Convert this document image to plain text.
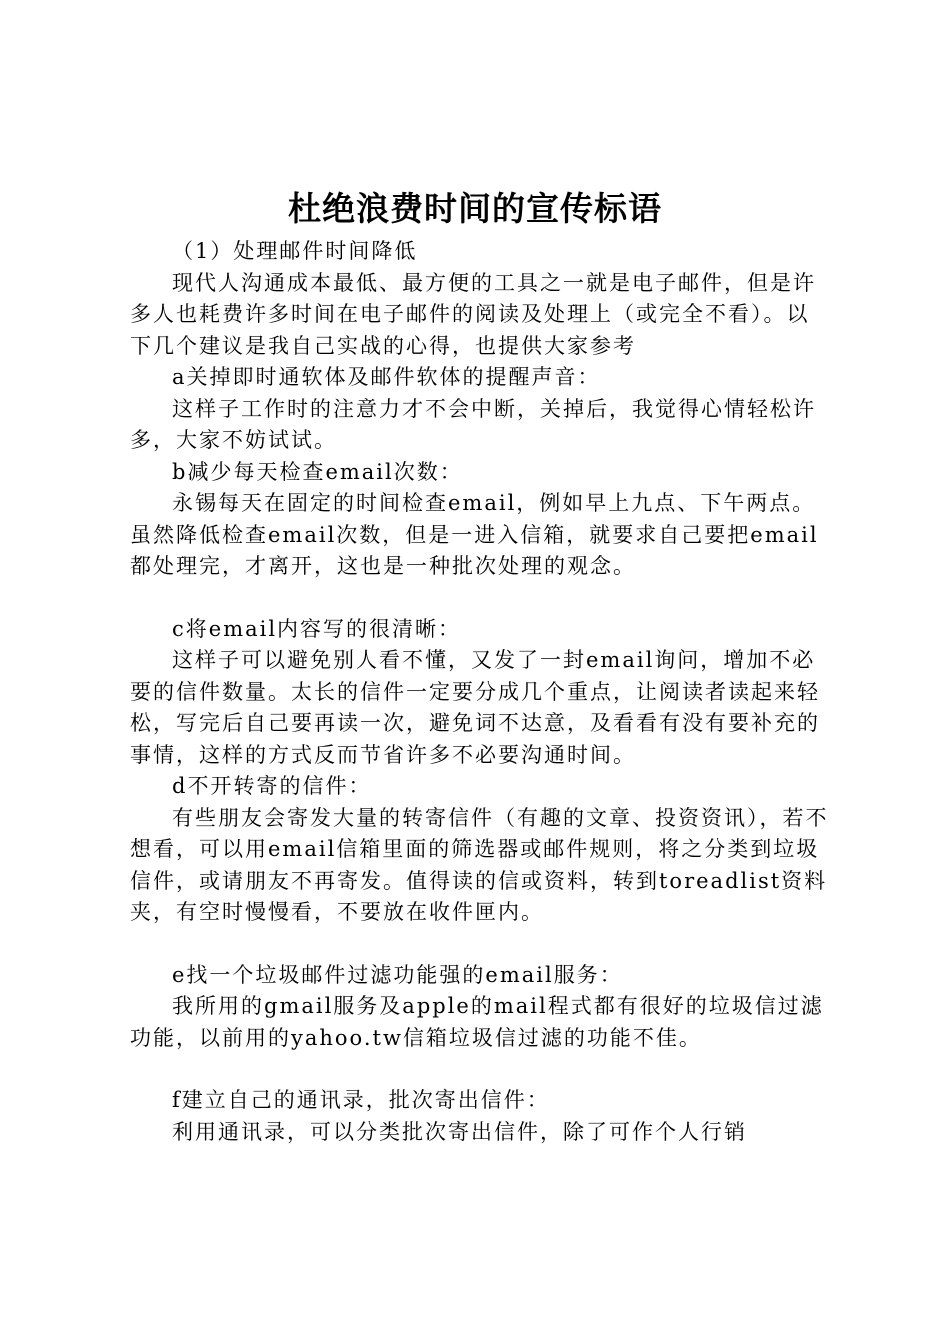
杜绝浪费时间的宣传标语

（1）处理邮件时间降低

现代人沟通成本最低、最方便的工具之一就是电子邮件，但是许多人也耗费许多时间在电子邮件的阅读及处理上（或完全不看）。以下几个建议是我自己实战的心得，也提供大家参考

a关掉即时通软体及邮件软体的提醒声音：

这样子工作时的注意力才不会中断，关掉后，我觉得心情轻松许多，大家不妨试试。

b减少每天检查email次数：

永锡每天在固定的时间检查email，例如早上九点、下午两点。虽然降低检查email次数，但是一进入信箱，就要求自己要把email都处理完，才离开，这也是一种批次处理的观念。

c将email内容写的很清晰：

这样子可以避免别人看不懂，又发了一封email询问，增加不必要的信件数量。太长的信件一定要分成几个重点，让阅读者读起来轻松，写完后自己要再读一次，避免词不达意，及看看有没有要补充的事情，这样的方式反而节省许多不必要沟通时间。

d不开转寄的信件：

有些朋友会寄发大量的转寄信件（有趣的文章、投资资讯），若不想看，可以用email信箱里面的筛选器或邮件规则，将之分类到垃圾信件，或请朋友不再寄发。值得读的信或资料，转到toreadlist资料夹，有空时慢慢看，不要放在收件匣内。

e找一个垃圾邮件过滤功能强的email服务：

我所用的gmail服务及apple的mail程式都有很好的垃圾信过滤功能，以前用的yahoo.tw信箱垃圾信过滤的功能不佳。

f建立自己的通讯录，批次寄出信件：

利用通讯录，可以分类批次寄出信件，除了可作个人行销
